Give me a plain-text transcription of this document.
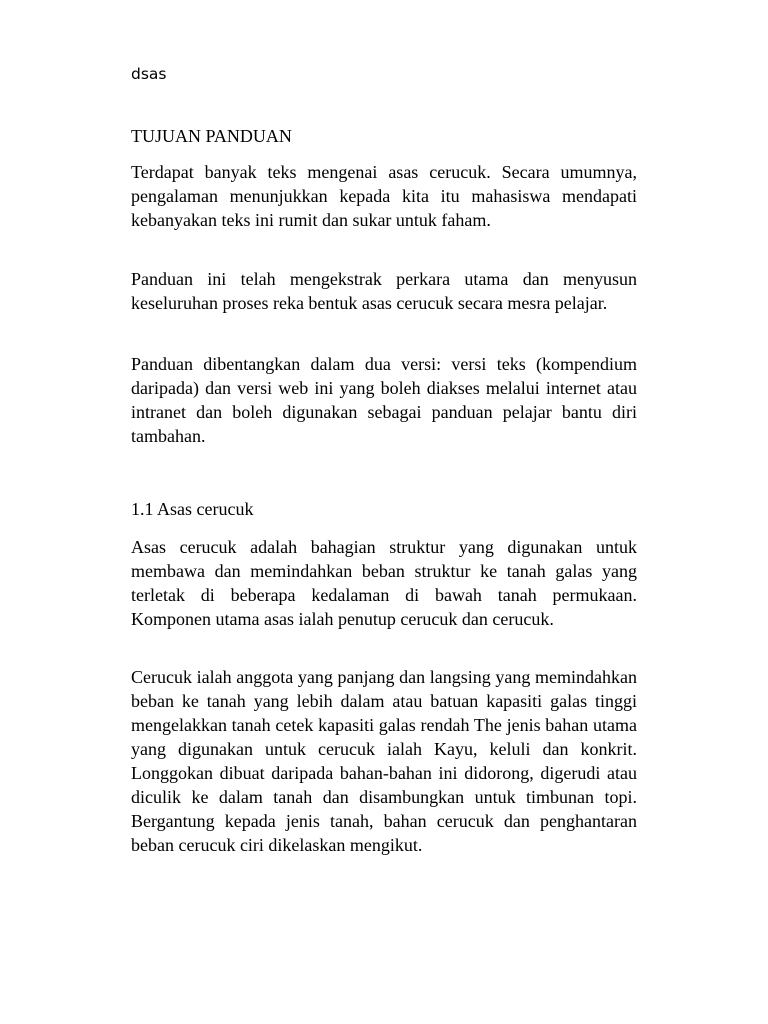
dsas

TUJUAN PANDUAN

Terdapat banyak teks mengenai asas cerucuk. Secara umumnya, pengalaman menunjukkan kepada kita itu mahasiswa mendapati kebanyakan teks ini rumit dan sukar untuk faham.

Panduan ini telah mengekstrak perkara utama dan menyusun keseluruhan proses reka bentuk asas cerucuk secara mesra pelajar.

Panduan dibentangkan dalam dua versi: versi teks (kompendium daripada) dan versi web ini yang boleh diakses melalui internet atau intranet dan boleh digunakan sebagai panduan pelajar bantu diri tambahan.

1.1 Asas cerucuk

Asas cerucuk adalah bahagian struktur yang digunakan untuk membawa dan memindahkan beban struktur ke tanah galas yang terletak di beberapa kedalaman di bawah tanah permukaan. Komponen utama asas ialah penutup cerucuk dan cerucuk.

Cerucuk ialah anggota yang panjang dan langsing yang memindahkan beban ke tanah yang lebih dalam atau batuan kapasiti galas tinggi mengelakkan tanah cetek kapasiti galas rendah The jenis bahan utama yang digunakan untuk cerucuk ialah Kayu, keluli dan konkrit. Longgokan dibuat daripada bahan-bahan ini didorong, digerudi atau diculik ke dalam tanah dan disambungkan untuk timbunan topi. Bergantung kepada jenis tanah, bahan cerucuk dan penghantaran beban cerucuk ciri dikelaskan mengikut.
